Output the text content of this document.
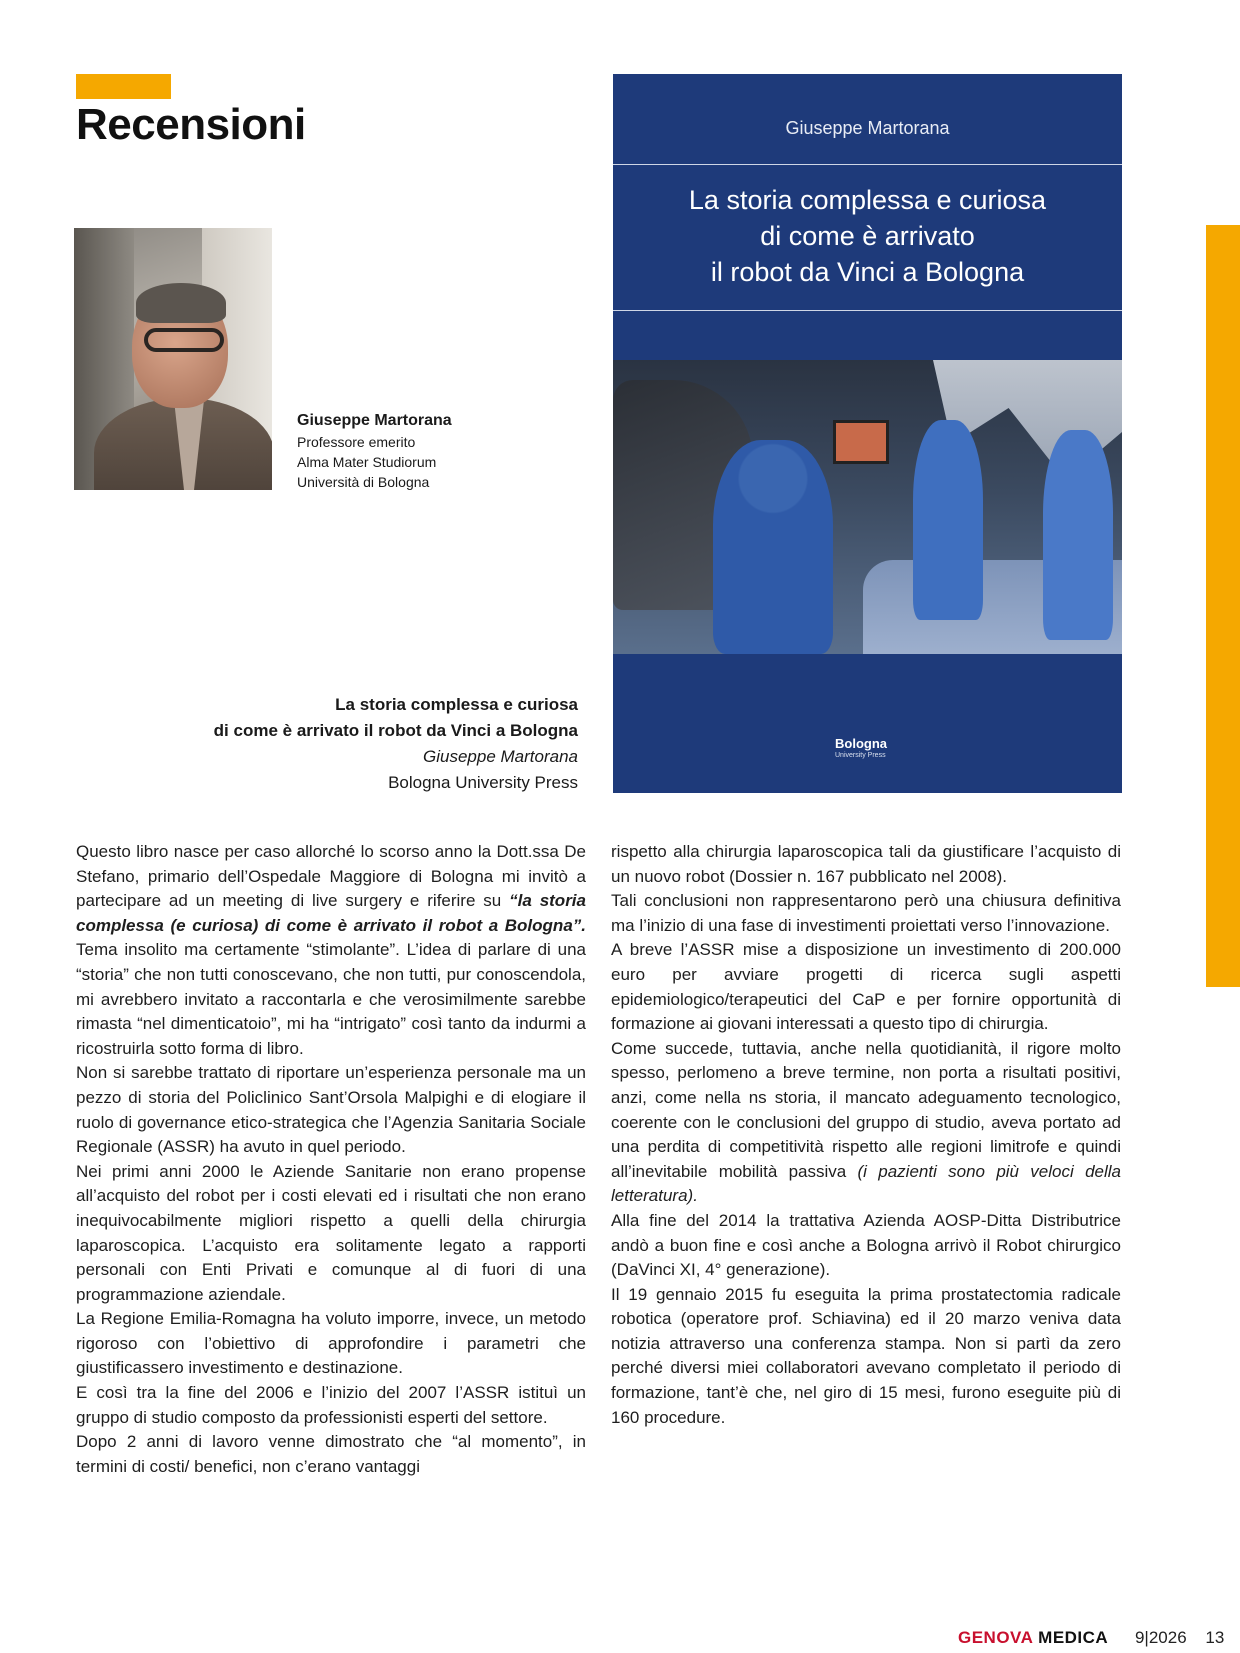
Recensioni

Giuseppe Martorana

Professore emerito

Alma Mater Studiorum

Università di Bologna

Giuseppe Martorana
La storia complessa e curiosa
di come è arrivato
il robot da Vinci a Bologna
Bologna
University Press

La storia complessa e curiosa

di come è arrivato il robot da Vinci a Bologna

Giuseppe Martorana

Bologna University Press

Questo libro nasce per caso allorché lo scorso anno la Dott.ssa De Stefano, primario dell’Ospedale Maggiore di Bologna mi invitò a partecipare ad un meeting di live surgery e riferire su “la storia complessa (e curiosa) di come è arrivato il robot a Bologna”. Tema insolito ma certamente “stimolante”. L’idea di parlare di una “storia” che non tutti conoscevano, che non tutti, pur conoscendola, mi avrebbero invitato a raccontarla e che verosimilmente sarebbe rimasta “nel dimenticatoio”, mi ha “intrigato” così tanto da indurmi a ricostruirla sotto forma di libro.

Non si sarebbe trattato di riportare un’esperienza personale ma un pezzo di storia del Policlinico Sant’Orsola Malpighi e di elogiare il ruolo di governance etico-strategica che l’Agenzia Sanitaria Sociale Regionale (ASSR) ha avuto in quel periodo.

Nei primi anni 2000 le Aziende Sanitarie non erano propense all’acquisto del robot per i costi elevati ed i risultati che non erano inequivocabilmente migliori rispetto a quelli della chirurgia laparoscopica. L’acquisto era solitamente legato a rapporti personali con Enti Privati e comunque al di fuori di una programmazione aziendale.

La Regione Emilia-Romagna ha voluto imporre, invece, un metodo rigoroso con l’obiettivo di approfondire i parametri che giustificassero investimento e destinazione.

E così tra la fine del 2006 e l’inizio del 2007 l’ASSR istituì un gruppo di studio composto da professionisti esperti del settore.

Dopo 2 anni di lavoro venne dimostrato che “al momento”, in termini di costi/ benefici, non c’erano vantaggi

rispetto alla chirurgia laparoscopica tali da giustificare l’acquisto di un nuovo robot (Dossier n. 167 pubblicato nel 2008).

Tali conclusioni non rappresentarono però una chiusura definitiva ma l’inizio di una fase di investimenti proiettati verso l’innovazione.

A breve l’ASSR mise a disposizione un investimento di 200.000 euro per avviare progetti di ricerca sugli aspetti epidemiologico/terapeutici del CaP e per fornire opportunità di formazione ai giovani interessati a questo tipo di chirurgia.

Come succede, tuttavia, anche nella quotidianità, il rigore molto spesso, perlomeno a breve termine, non porta a risultati positivi, anzi, come nella ns storia, il mancato adeguamento tecnologico, coerente con le conclusioni del gruppo di studio, aveva portato ad una perdita di competitività rispetto alle regioni limitrofe e quindi all’inevitabile mobilità passiva (i pazienti sono più veloci della letteratura).

Alla fine del 2014 la trattativa Azienda AOSP-Ditta Distributrice andò a buon fine e così anche a Bologna arrivò il Robot chirurgico (DaVinci XI, 4° generazione).

Il 19 gennaio 2015 fu eseguita la prima prostatectomia radicale robotica (operatore prof. Schiavina) ed il 20 marzo veniva data notizia attraverso una conferenza stampa. Non si partì da zero perché diversi miei collaboratori avevano completato il periodo di formazione, tant’è che, nel giro di 15 mesi, furono eseguite più di 160 procedure.

GENOVA MEDICA 9|2026 13
